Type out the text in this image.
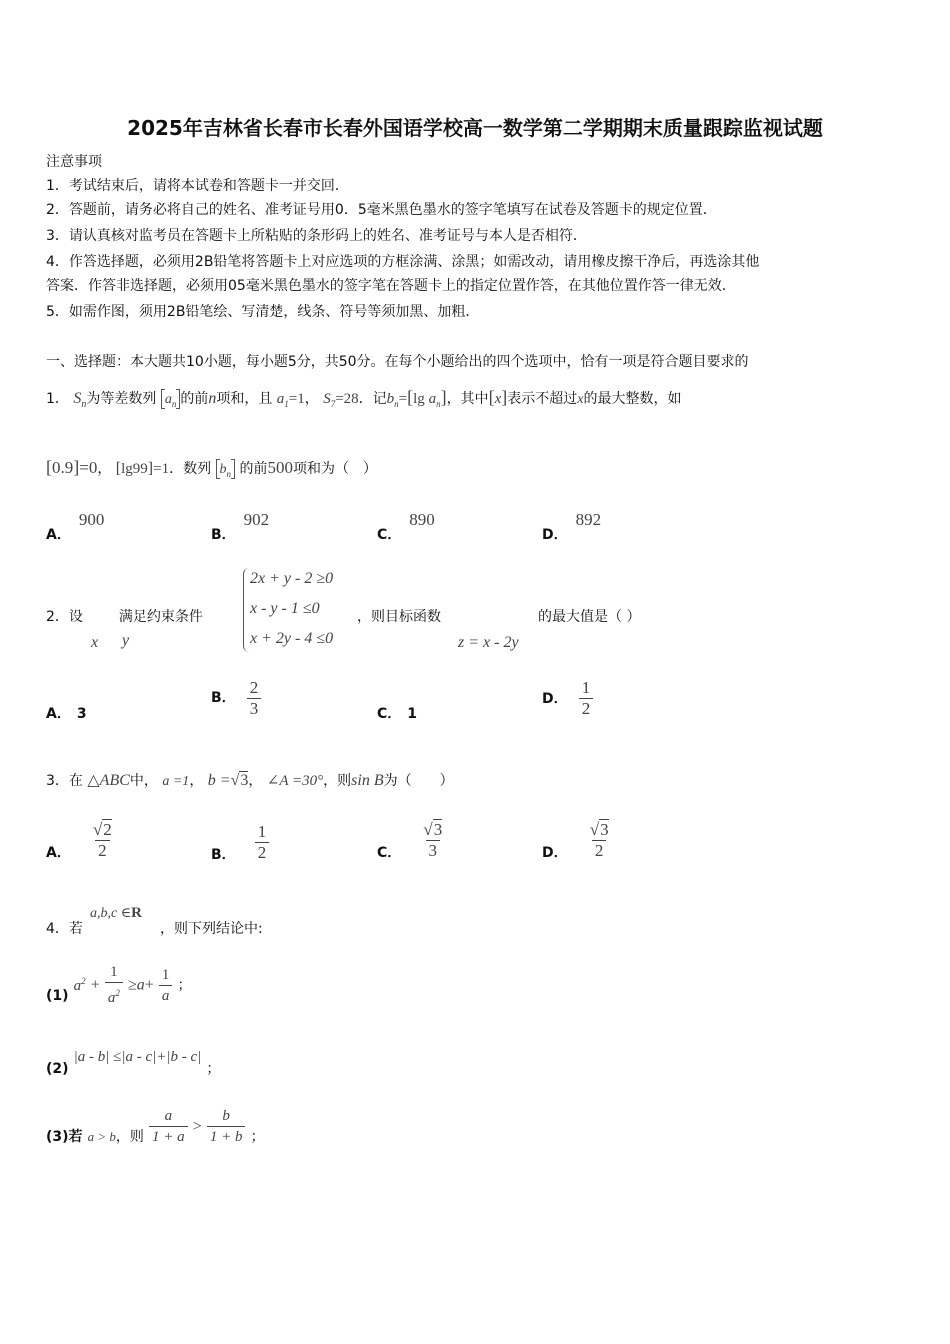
2025年吉林省长春市长春外国语学校高一数学第二学期期末质量跟踪监视试题
注意事项
1．考试结束后，请将本试卷和答题卡一并交回．
2．答题前，请务必将自己的姓名、准考证号用0．5毫米黑色墨水的签字笔填写在试卷及答题卡的规定位置．
3．请认真核对监考员在答题卡上所粘贴的条形码上的姓名、准考证号与本人是否相符．
4．作答选择题，必须用2B铅笔将答题卡上对应选项的方框涂满、涂黑；如需改动，请用橡皮擦干净后，再选涂其他
答案．作答非选择题，必须用05毫米黑色墨水的签字笔在答题卡上的指定位置作答，在其他位置作答一律无效．
5．如需作图，须用2B铅笔绘、写清楚，线条、符号等须加黑、加粗．
一、选择题：本大题共10小题，每小题5分，共50分。在每个小题给出的四个选项中，恰有一项是符合题目要求的
1． $S_n$为等差数列 $a_n$ 的前n项和，且 $a_1=1$， $S_7=28$．记$b_n=[\lg$ $a_n$]，其中[x]表示不超过x的最大整数，如
[0.9]=0， [lg99]=1．数列 $b_n$ 的前500项和为（　）
A．900
B．902
C．890
D．892
2．设	满足约束条件
x y
2x + y - 2 ≥0
x - y - 1 ≤0
x + 2y - 4 ≤0
，则目标函数
z = x - 2y
的最大值是（ ）
A． 3
B． $\frac{2}{3}$	C． 1
D． $\frac{1}{2}$
3．在 △ABC中， a =1， b =√3， ∠A =30°，则sin B为（　　）
A． $\frac{√2}{2}$	B． $\frac{1}{2}$	C． $\frac{√3}{3}$	D． $\frac{√3}{2}$
4．若
a,b,c ∈R
，则下列结论中:
(1) $a^2 + \frac{1}{a^2} \ge a+ \frac{1}{a}$ ；
(2) |a - b| ≤|a - c|+|b - c| ；
(3)若 $_{a > b}$，则 $\frac{a}{1 + a} > \frac{b}{1 + b}$ ；
